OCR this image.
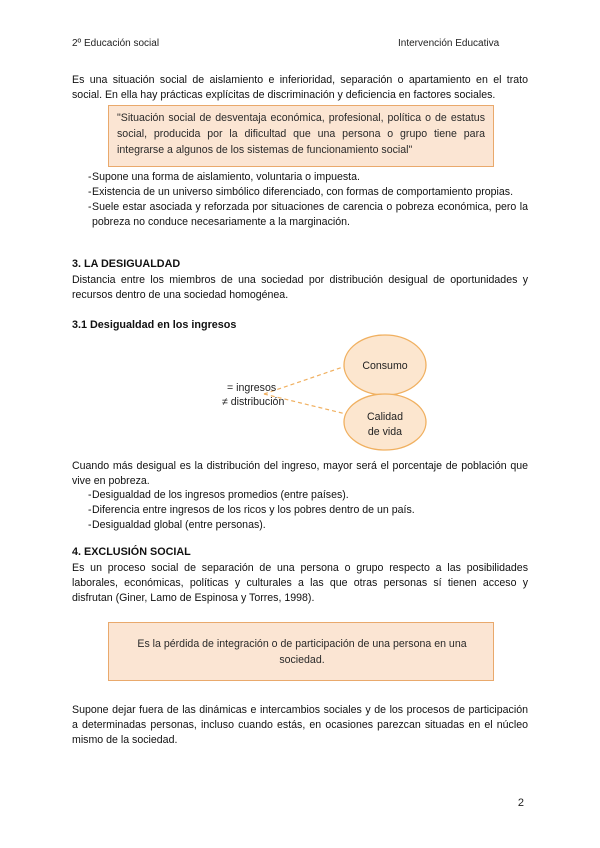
2º Educación social	Intervención Educativa
Es una situación social de aislamiento e inferioridad, separación o apartamiento en el trato social. En ella hay prácticas explícitas de discriminación y deficiencia en factores sociales.
"Situación social de desventaja económica, profesional, política o de estatus social, producida por la dificultad que una persona o grupo tiene para integrarse a algunos de los sistemas de funcionamiento social"
- Supone una forma de aislamiento, voluntaria o impuesta.
- Existencia de un universo simbólico diferenciado, con formas de comportamiento propias.
- Suele estar asociada y reforzada por situaciones de carencia o pobreza económica, pero la pobreza no conduce necesariamente a la marginación.
3. LA DESIGUALDAD
Distancia entre los miembros de una sociedad por distribución desigual de oportunidades y recursos dentro de una sociedad homogénea.
3.1 Desigualdad en los ingresos
= ingresos
≠ distribución
Consumo
Calidad
de vida
Cuando más desigual es la distribución del ingreso, mayor será el porcentaje de población que vive en pobreza.
- Desigualdad de los ingresos promedios (entre países).
- Diferencia entre ingresos de los ricos y los pobres dentro de un país.
- Desigualdad global (entre personas).
4. EXCLUSIÓN SOCIAL
Es un proceso social de separación de una persona o grupo respecto a las posibilidades laborales, económicas, políticas y culturales a las que otras personas sí tienen acceso y disfrutan (Giner, Lamo de Espinosa y Torres, 1998).
Es la pérdida de integración o de participación de una persona en una sociedad.
Supone dejar fuera de las dinámicas e intercambios sociales y de los procesos de participación a determinadas personas, incluso cuando estás, en ocasiones parezcan situadas en el núcleo mismo de la sociedad.
2
